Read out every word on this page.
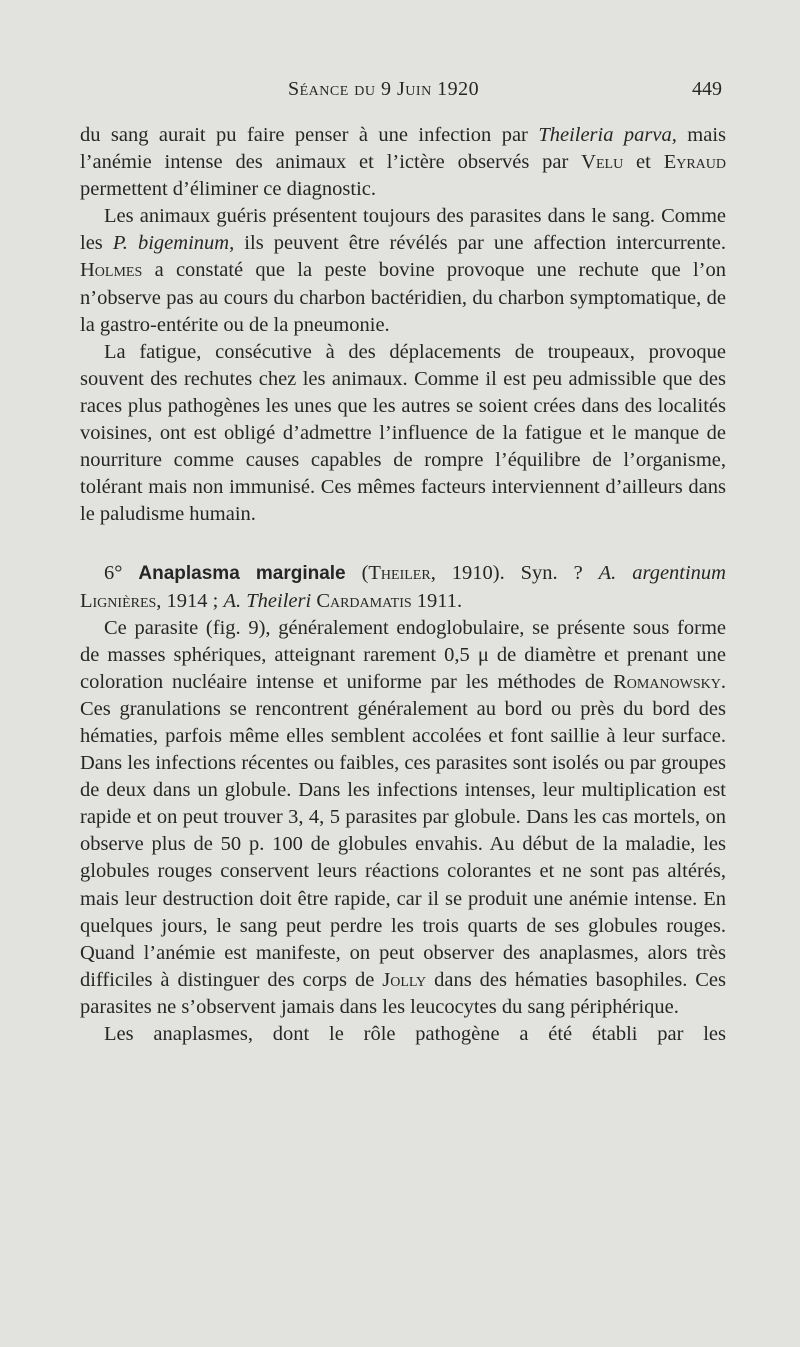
Séance du 9 Juin 1920	449

du sang aurait pu faire penser à une infection par Theileria parva, mais l’anémie intense des animaux et l’ictère observés par Velu et Eyraud permettent d’éliminer ce diagnostic.

Les animaux guéris présentent toujours des parasites dans le sang. Comme les P. bigeminum, ils peuvent être révélés par une affection intercurrente. Holmes a constaté que la peste bovine provoque une rechute que l’on n’observe pas au cours du charbon bactéridien, du charbon symptomatique, de la gastro-entérite ou de la pneumonie.

La fatigue, consécutive à des déplacements de troupeaux, provoque souvent des rechutes chez les animaux. Comme il est peu admissible que des races plus pathogènes les unes que les autres se soient crées dans des localités voisines, ont est obligé d’admettre l’influence de la fatigue et le manque de nourriture comme causes capables de rompre l’équilibre de l’organisme, tolérant mais non immunisé. Ces mêmes facteurs interviennent d’ailleurs dans le paludisme humain.

6° Anaplasma marginale (Theiler, 1910). Syn. ? A. argentinum Lignières, 1914 ; A. Theileri Cardamatis 1911.

Ce parasite (fig. 9), généralement endoglobulaire, se présente sous forme de masses sphériques, atteignant rarement 0,5 μ de diamètre et prenant une coloration nucléaire intense et uniforme par les méthodes de Romanowsky. Ces granulations se rencontrent généralement au bord ou près du bord des hématies, parfois même elles semblent accolées et font saillie à leur surface. Dans les infections récentes ou faibles, ces parasites sont isolés ou par groupes de deux dans un globule. Dans les infections intenses, leur multiplication est rapide et on peut trouver 3, 4, 5 parasites par globule. Dans les cas mortels, on observe plus de 50 p. 100 de globules envahis. Au début de la maladie, les globules rouges conservent leurs réactions colorantes et ne sont pas altérés, mais leur destruction doit être rapide, car il se produit une anémie intense. En quelques jours, le sang peut perdre les trois quarts de ses globules rouges. Quand l’anémie est manifeste, on peut observer des anaplasmes, alors très difficiles à distinguer des corps de Jolly dans des hématies basophiles. Ces parasites ne s’observent jamais dans les leucocytes du sang périphérique.

Les anaplasmes, dont le rôle pathogène a été établi par les
